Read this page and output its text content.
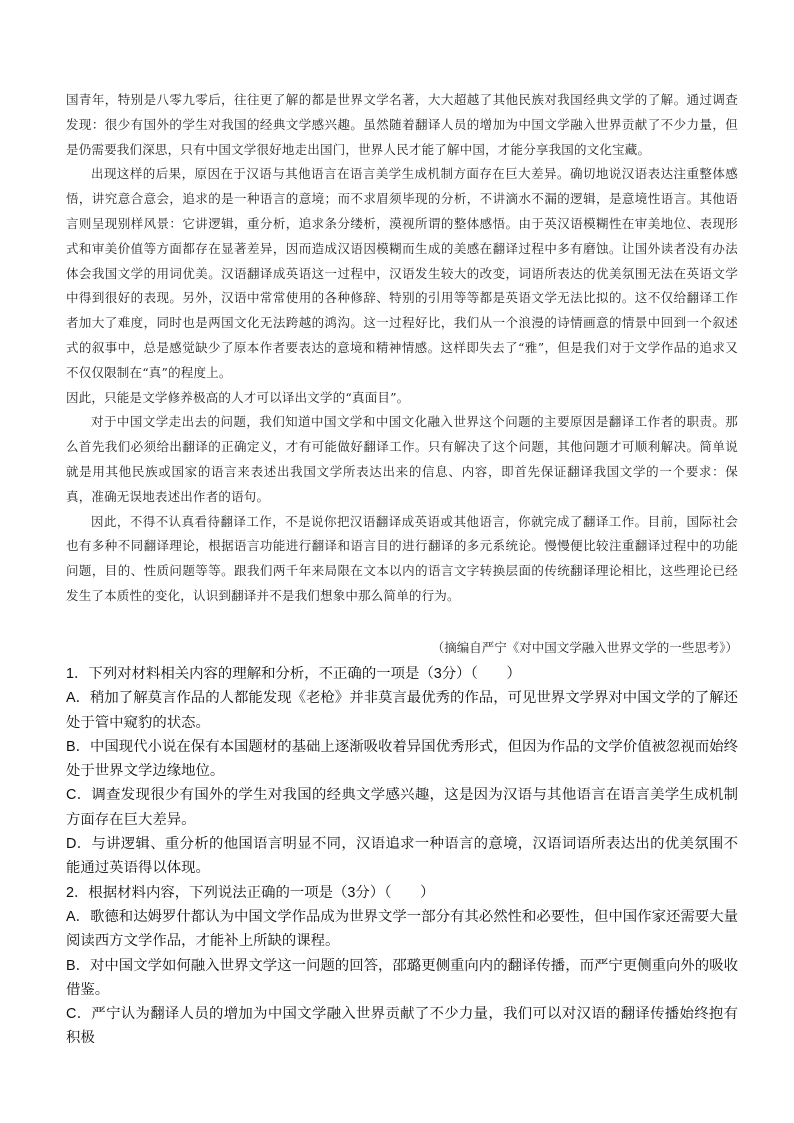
国青年，特别是八零九零后，往往更了解的都是世界文学名著，大大超越了其他民族对我国经典文学的了解。通过调查发现：很少有国外的学生对我国的经典文学感兴趣。虽然随着翻译人员的增加为中国文学融入世界贡献了不少力量，但是仍需要我们深思，只有中国文学很好地走出国门，世界人民才能了解中国，才能分享我国的文化宝藏。

出现这样的后果，原因在于汉语与其他语言在语言美学生成机制方面存在巨大差异。确切地说汉语表达注重整体感悟，讲究意合意会，追求的是一种语言的意境；而不求眉须毕现的分析，不讲滴水不漏的逻辑，是意境性语言。其他语言则呈现别样风景：它讲逻辑，重分析，追求条分缕析，漠视所谓的整体感悟。由于英汉语模糊性在审美地位、表现形式和审美价值等方面都存在显著差异，因而造成汉语因模糊而生成的美感在翻译过程中多有磨蚀。让国外读者没有办法体会我国文学的用词优美。汉语翻译成英语这一过程中，汉语发生较大的改变，词语所表达的优美氛围无法在英语文学中得到很好的表现。另外，汉语中常常使用的各种修辞、特别的引用等等都是英语文学无法比拟的。这不仅给翻译工作者加大了难度，同时也是两国文化无法跨越的鸿沟。这一过程好比，我们从一个浪漫的诗情画意的情景中回到一个叙述式的叙事中，总是感觉缺少了原本作者要表达的意境和精神情感。这样即失去了“雅”，但是我们对于文学作品的追求又不仅仅限制在“真”的程度上。

因此，只能是文学修养极高的人才可以译出文学的“真面目”。

对于中国文学走出去的问题，我们知道中国文学和中国文化融入世界这个问题的主要原因是翻译工作者的职责。那么首先我们必须给出翻译的正确定义，才有可能做好翻译工作。只有解决了这个问题，其他问题才可顺利解决。简单说就是用其他民族或国家的语言来表述出我国文学所表达出来的信息、内容，即首先保证翻译我国文学的一个要求：保真，准确无误地表述出作者的语句。

因此，不得不认真看待翻译工作，不是说你把汉语翻译成英语或其他语言，你就完成了翻译工作。目前，国际社会也有多种不同翻译理论，根据语言功能进行翻译和语言目的进行翻译的多元系统论。慢慢便比较注重翻译过程中的功能问题，目的、性质问题等等。跟我们两千年来局限在文本以内的语言文字转换层面的传统翻译理论相比，这些理论已经发生了本质性的变化，认识到翻译并不是我们想象中那么简单的行为。

（摘编自严宁《对中国文学融入世界文学的一些思考》）

1．下列对材料相关内容的理解和分析，不正确的一项是（3分）（　　）

A．稍加了解莫言作品的人都能发现《老枪》并非莫言最优秀的作品，可见世界文学界对中国文学的了解还处于管中窥豹的状态。

B．中国现代小说在保有本国题材的基础上逐渐吸收着异国优秀形式，但因为作品的文学价值被忽视而始终处于世界文学边缘地位。

C．调查发现很少有国外的学生对我国的经典文学感兴趣，这是因为汉语与其他语言在语言美学生成机制方面存在巨大差异。

D．与讲逻辑、重分析的他国语言明显不同，汉语追求一种语言的意境，汉语词语所表达出的优美氛围不能通过英语得以体现。

2．根据材料内容，下列说法正确的一项是（3分）（　　）

A．歌德和达姆罗什都认为中国文学作品成为世界文学一部分有其必然性和必要性，但中国作家还需要大量阅读西方文学作品，才能补上所缺的课程。

B．对中国文学如何融入世界文学这一问题的回答，邵璐更侧重向内的翻译传播，而严宁更侧重向外的吸收借鉴。

C．严宁认为翻译人员的增加为中国文学融入世界贡献了不少力量，我们可以对汉语的翻译传播始终抱有积极
